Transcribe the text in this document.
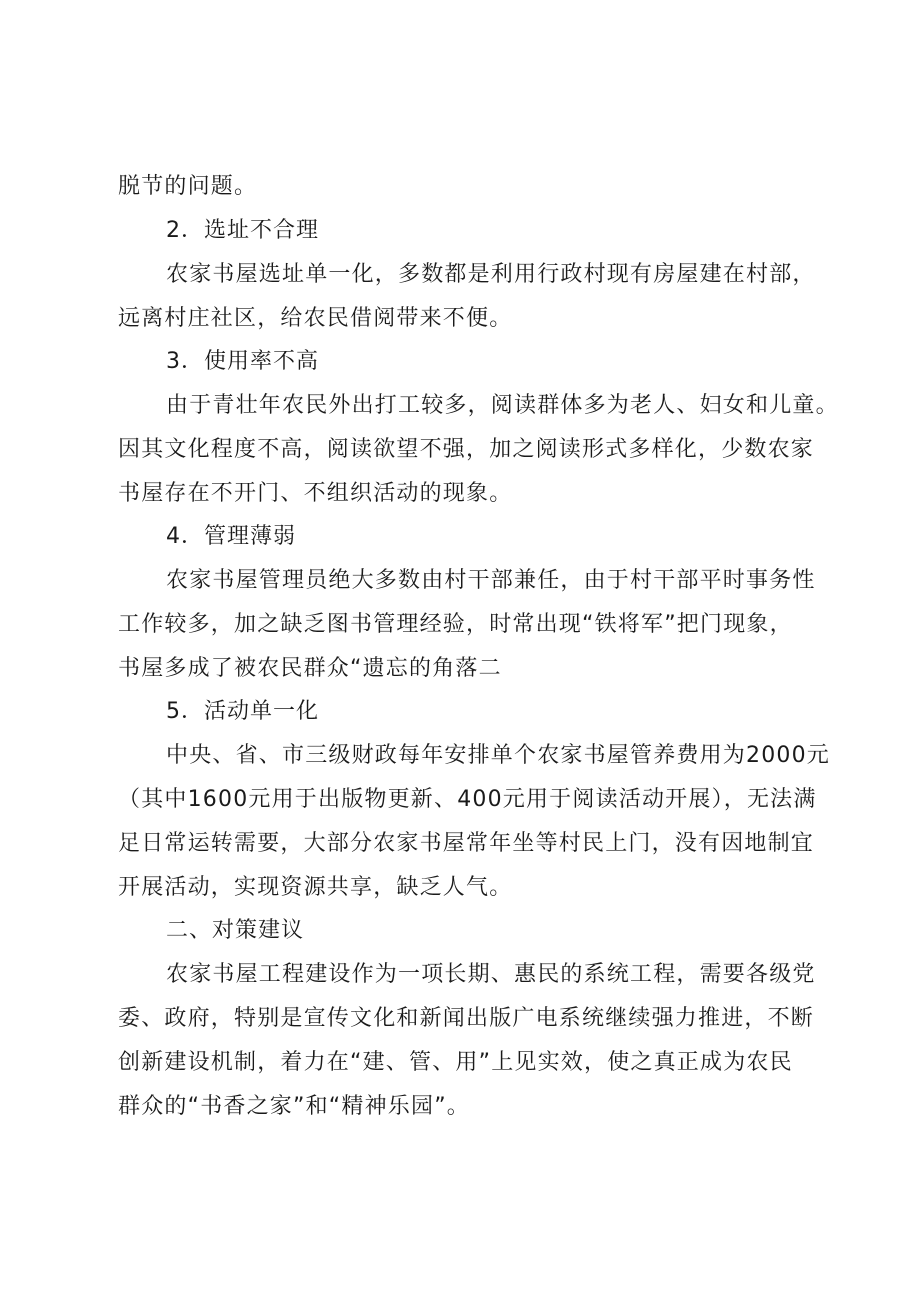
脱节的问题。
2．选址不合理
农家书屋选址单一化，多数都是利用行政村现有房屋建在村部，
远离村庄社区，给农民借阅带来不便。
3．使用率不高
由于青壮年农民外出打工较多，阅读群体多为老人、妇女和儿童。
因其文化程度不高，阅读欲望不强，加之阅读形式多样化，少数农家
书屋存在不开门、不组织活动的现象。
4．管理薄弱
农家书屋管理员绝大多数由村干部兼任，由于村干部平时事务性
工作较多，加之缺乏图书管理经验，时常出现“铁将军”把门现象，
书屋多成了被农民群众“遗忘的角落二
5．活动单一化
中央、省、市三级财政每年安排单个农家书屋管养费用为2000元
（其中1600元用于出版物更新、400元用于阅读活动开展），无法满
足日常运转需要，大部分农家书屋常年坐等村民上门，没有因地制宜
开展活动，实现资源共享，缺乏人气。
二、对策建议
农家书屋工程建设作为一项长期、惠民的系统工程，需要各级党
委、政府，特别是宣传文化和新闻出版广电系统继续强力推进，不断
创新建设机制，着力在“建、管、用”上见实效，使之真正成为农民
群众的“书香之家”和“精神乐园”。
